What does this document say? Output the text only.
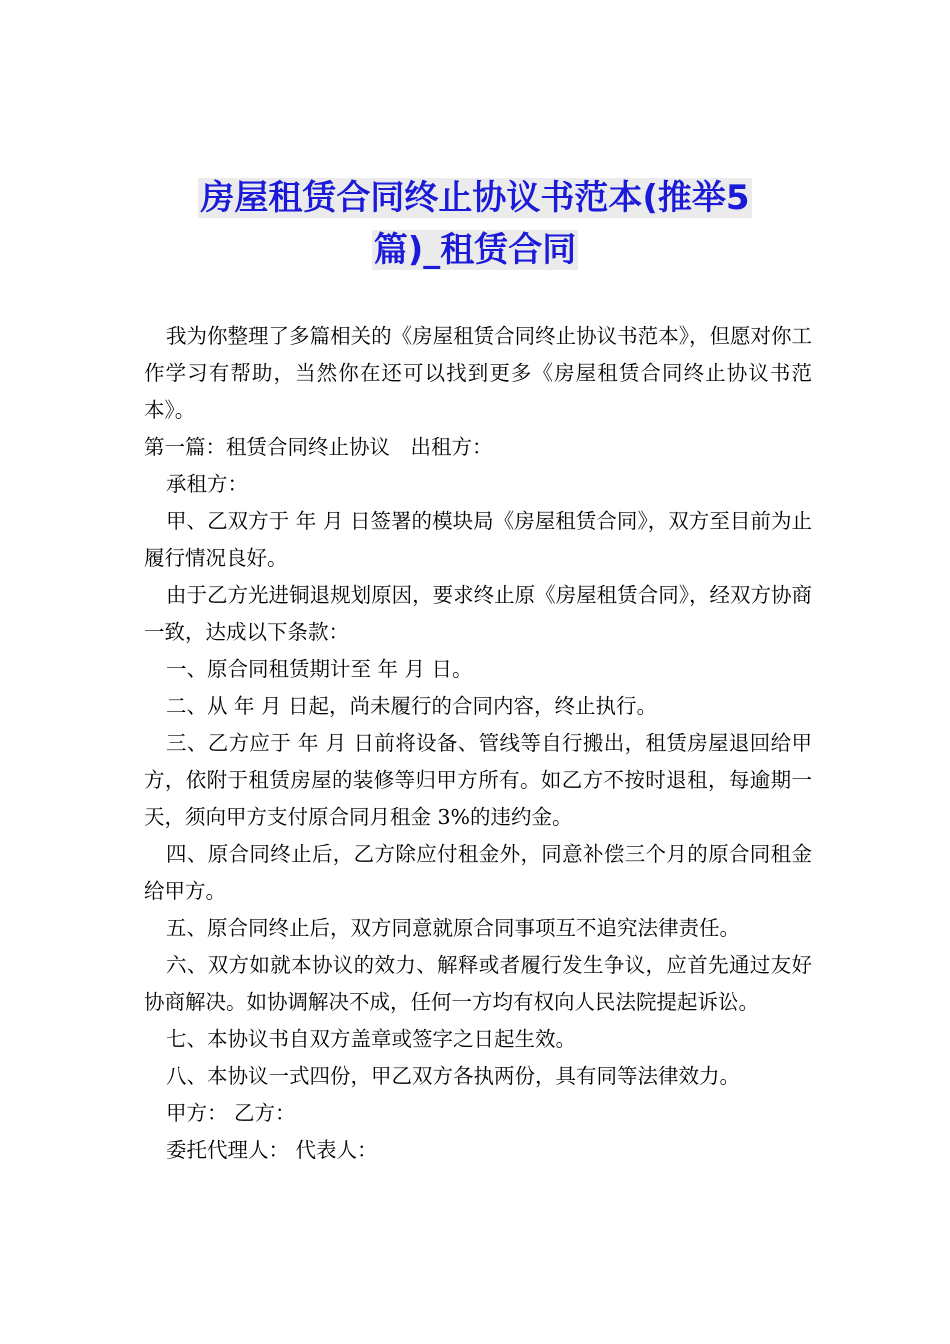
房屋租赁合同终止协议书范本(推举5
篇)_租赁合同

我为你整理了多篇相关的《房屋租赁合同终止协议书范本》，但愿对你工作学习有帮助，当然你在还可以找到更多《房屋租赁合同终止协议书范本》。

第一篇：租赁合同终止协议　出租方：

承租方：

甲、乙双方于 年 月 日签署的模块局《房屋租赁合同》，双方至目前为止履行情况良好。

由于乙方光进铜退规划原因，要求终止原《房屋租赁合同》，经双方协商一致，达成以下条款：

一、原合同租赁期计至 年 月 日。

二、从 年 月 日起，尚未履行的合同内容，终止执行。

三、乙方应于 年 月 日前将设备、管线等自行搬出，租赁房屋退回给甲方，依附于租赁房屋的装修等归甲方所有。如乙方不按时退租，每逾期一天，须向甲方支付原合同月租金 3%的违约金。

四、原合同终止后，乙方除应付租金外，同意补偿三个月的原合同租金给甲方。

五、原合同终止后，双方同意就原合同事项互不追究法律责任。

六、双方如就本协议的效力、解释或者履行发生争议，应首先通过友好协商解决。如协调解决不成，任何一方均有权向人民法院提起诉讼。

七、本协议书自双方盖章或签字之日起生效。

八、本协议一式四份，甲乙双方各执两份，具有同等法律效力。

甲方： 乙方：

委托代理人： 代表人：
